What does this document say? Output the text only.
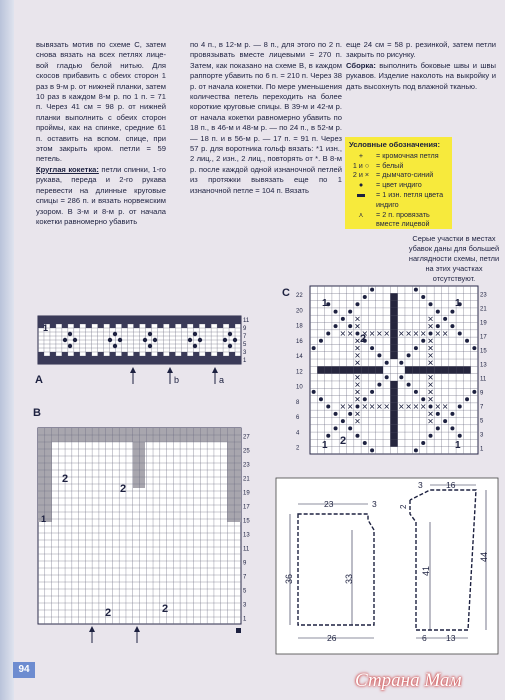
вывязать мотив по схеме С, затем снова вязать на всех петлях лицевой гладью белой нитью. Для скосов прибавить с обеих сторон 1 раз в 9-м р. от нижней планки, затем 10 раз в каждом 8-м р. по 1 п. = 71 п. Через 41 см = 98 р. от нижней планки выполнить с обеих сторон проймы, как на спинке, средние 61 п. оставить на вспом. спице, при этом закрыть кром. петли = 59 петель.

Круглая кокетка: петли спинки, 1-го рукава, переда и 2-го рукава перевести на длинные круговые спицы = 286 п. и вязать норвежским узором. В 3-м и 8-м р. от начала кокетки равномерно убавить

по 4 п., в 12-м р. — 8 п., для этого по 2 п. провязывать вместе лицевыми = 270 п. Затем, как показано на схеме В, в каждом раппорте убавить по 6 п. = 210 п. Через 38 р. от начала кокетки. По мере уменьшения количества петель переходить на более короткие круговые спицы. В 39-м и 42-м р. от начала кокетки равномерно убавить по 18 п., в 46-м и 48-м р. — по 24 п., в 52-м р. — 18 п. и в 56-м р. — 17 п. = 91 п. Через 57 р. для воротника гольф вязать: *1 изн., 2 лиц., 2 изн., 2 лиц., повторять от *. В 8-м р. после каждой одной изнаночной петлей из протяжки вывязать еще по 1 изнаночной петле = 104 п. Вязать

еще 24 см = 58 р. резинкой, затем петли закрыть по рисунку.

Сборка: выполнить боковые швы и швы рукавов. Изделие наколоть на выкройку и дать высохнуть под влажной тканью.

Условные обозначения:
+	= кромочная петля
1 и ○ = белый
2 и × = дымчато-синий
●	= цвет индиго
= 1 изн. петля цвета индиго
⋏	= 2 п. провязать вместе лицевой
Серые участки в местах убавок даны для большей наглядности схемы, петли на этих участках отсутствуют.
A
1
11
9
7
5
3
1
b	a
B
1
2
2
2	2
27
25
23
21
19
17
15
13
11
9
7
5
3
1
C
1	1
2
2
1	1
23
21
19
17
15
13
11
9
7
5
3
1
22
20
18
16
14
12
10
8
6
4
2
23	3
36	33
26
3	16
2
41
44
6 13
94
Страна Мам
